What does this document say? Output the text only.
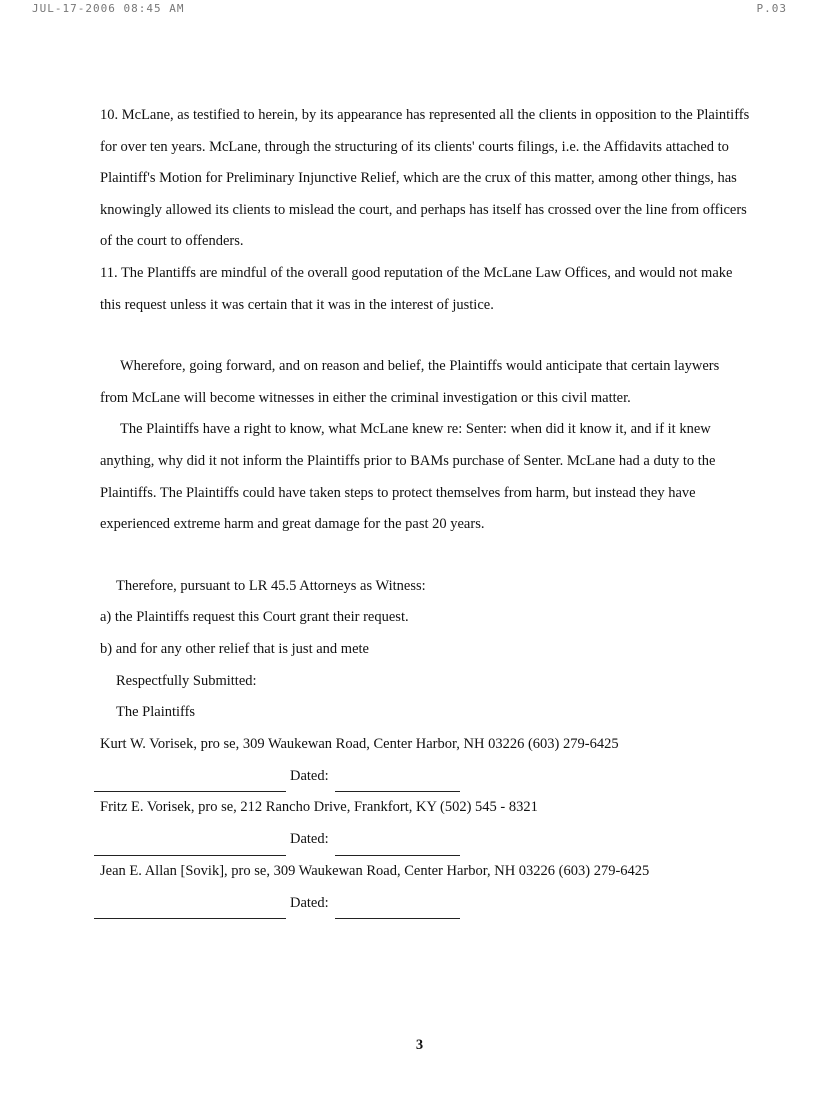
JUL-17-2006 08:45 AM	P.03

10. McLane, as testified to herein, by its appearance has represented all the clients in opposition to the Plaintiffs for over ten years. McLane, through the structuring of its clients' courts filings, i.e. the Affidavits attached to Plaintiff's Motion for Preliminary Injunctive Relief, which are the crux of this matter, among other things, has knowingly allowed its clients to mislead the court, and perhaps has itself has crossed over the line from officers of the court to offenders.

11. The Plantiffs are mindful of the overall good reputation of the McLane Law Offices, and would not make this request unless it was certain that it was in the interest of justice.

Wherefore, going forward, and on reason and belief, the Plaintiffs would anticipate that certain laywers from McLane will become witnesses in either the criminal investigation or this civil matter.

The Plaintiffs have a right to know, what McLane knew re: Senter: when did it know it, and if it knew anything, why did it not inform the Plaintiffs prior to BAMs purchase of Senter. McLane had a duty to the Plaintiffs. The Plaintiffs could have taken steps to protect themselves from harm, but instead they have experienced extreme harm and great damage for the past 20 years.

Therefore, pursuant to LR 45.5 Attorneys as Witness:

a) the Plaintiffs request this Court grant their request.

b) and for any other relief that is just and mete

Respectfully Submitted:

The Plaintiffs

Kurt W. Vorisek, pro se, 309 Waukewan Road, Center Harbor, NH 03226 (603) 279-6425

Dated:

Fritz E. Vorisek, pro se, 212 Rancho Drive, Frankfort, KY (502) 545 - 8321

Dated:

Jean E. Allan [Sovik], pro se, 309 Waukewan Road, Center Harbor, NH 03226 (603) 279-6425

Dated:
3
